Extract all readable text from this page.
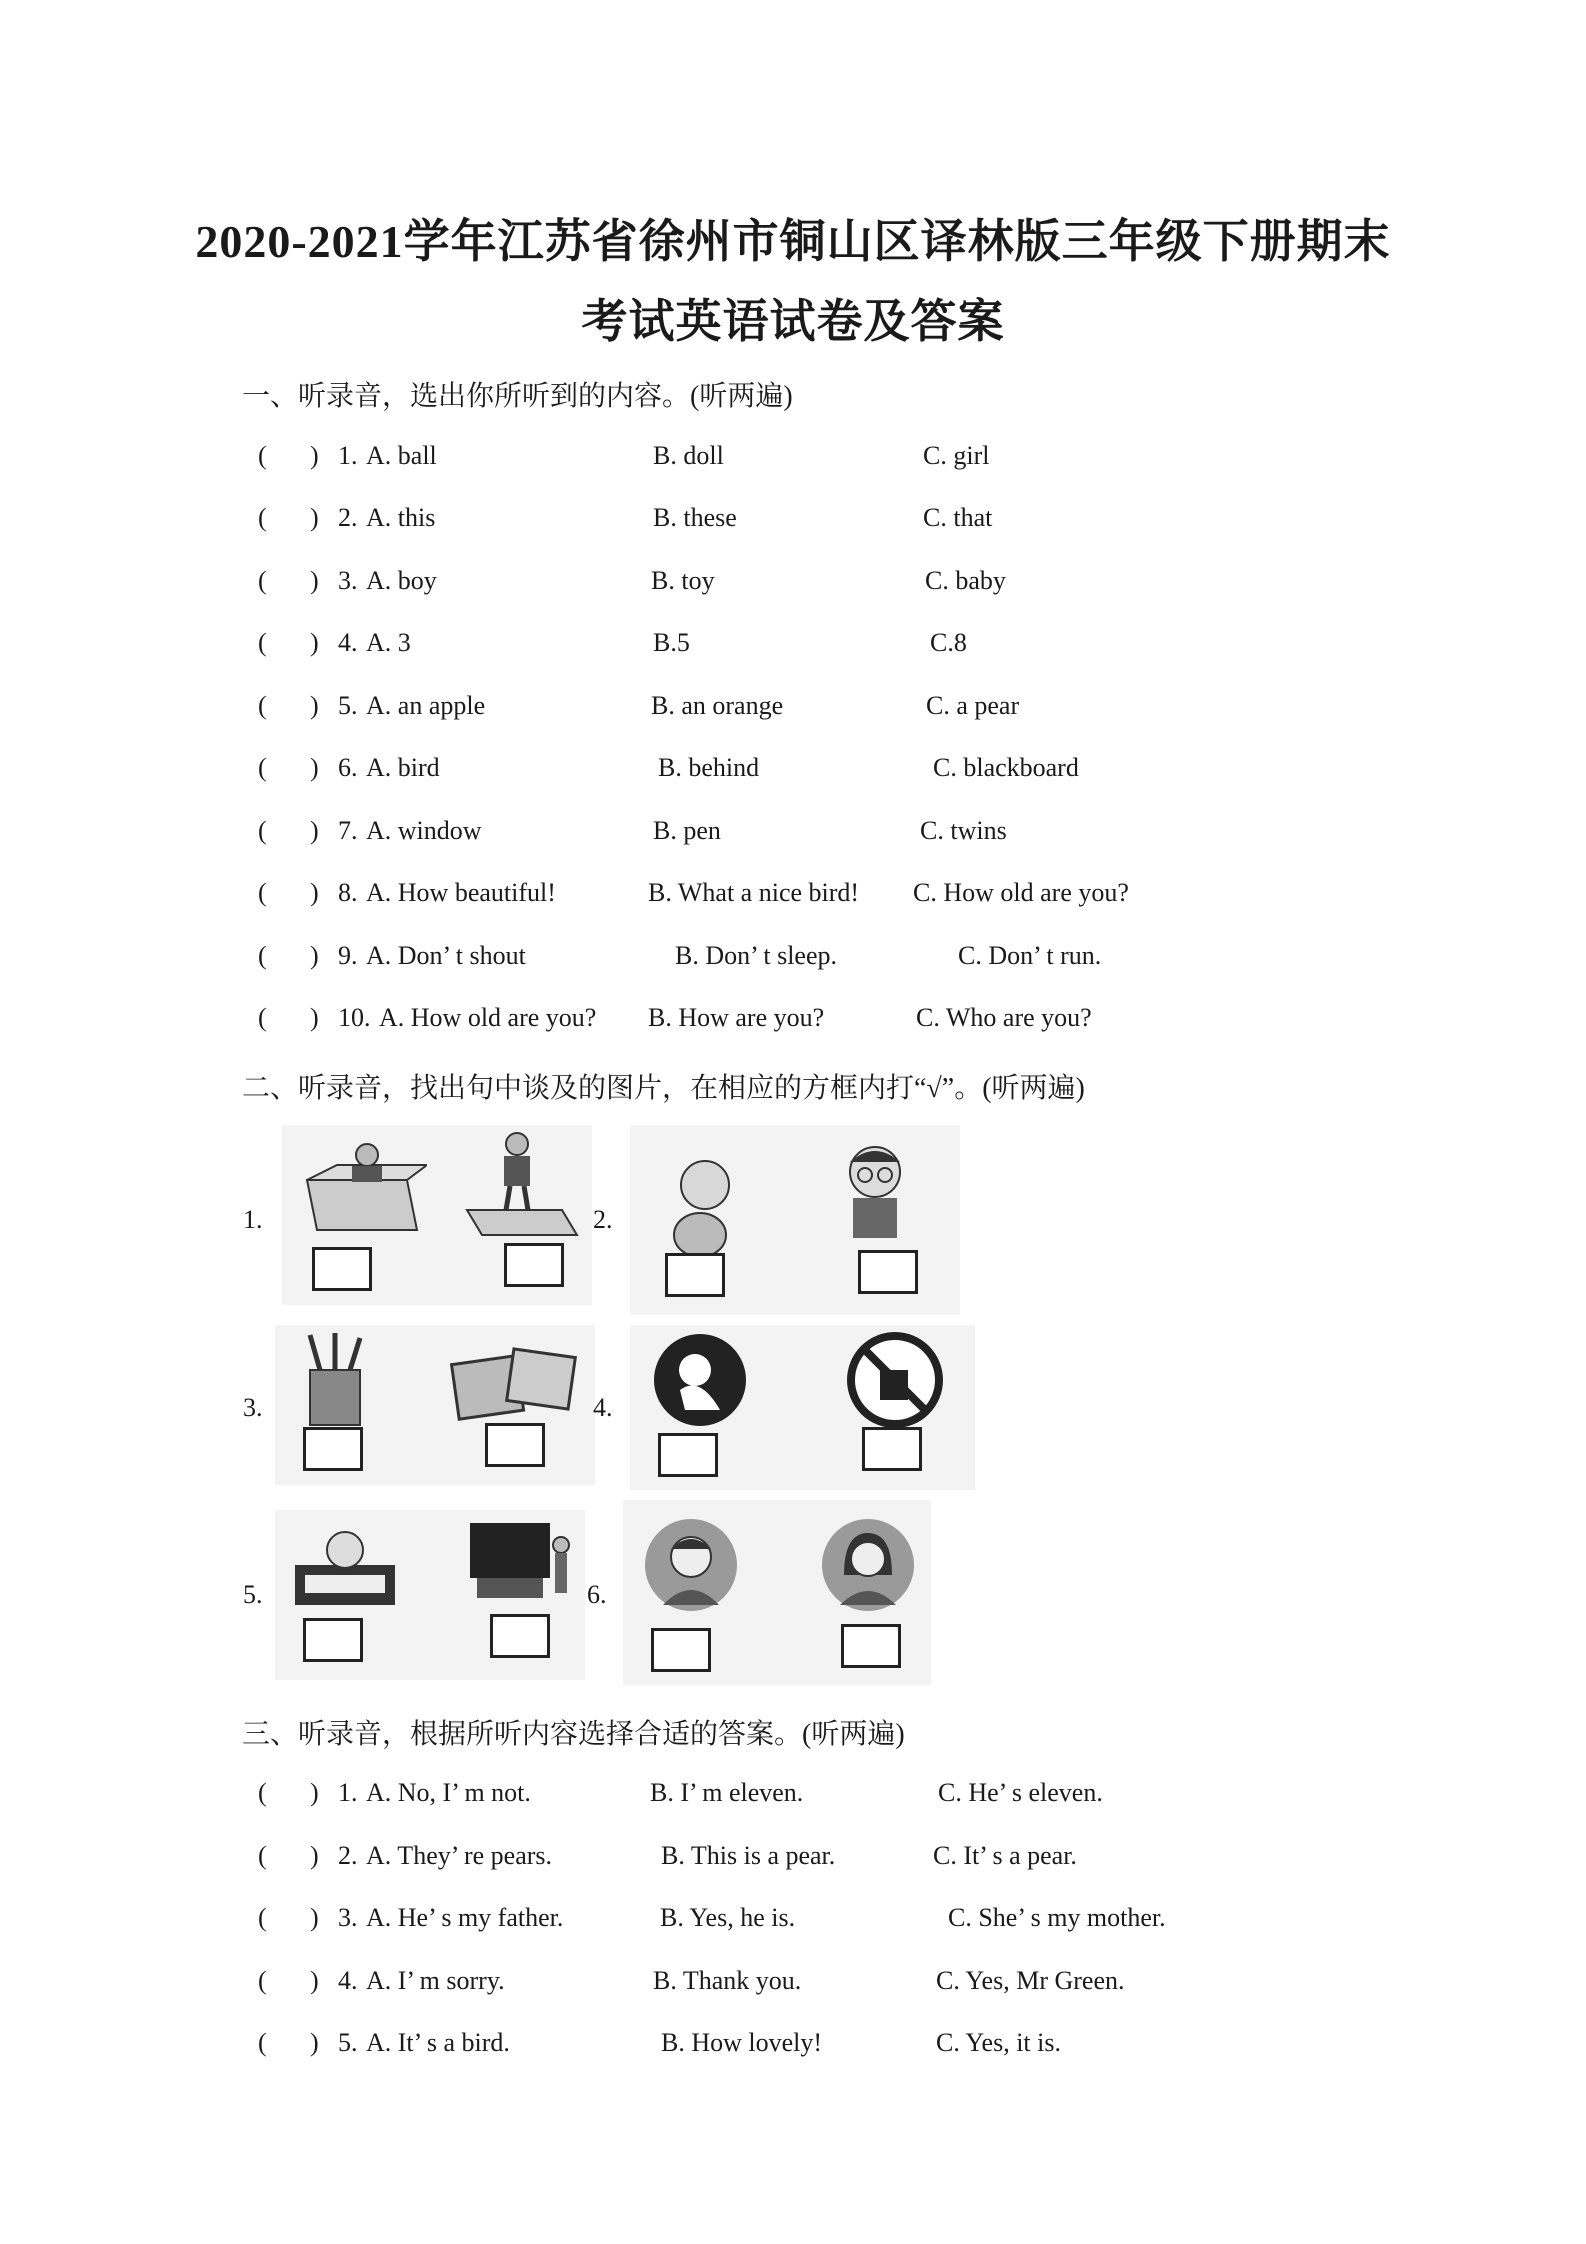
2020-2021学年江苏省徐州市铜山区译林版三年级下册期末
考试英语试卷及答案
一、听录音，选出你所听到的内容。(听两遍)
( ) 1. A. ball	B. doll	C. girl
( ) 2. A. this	B. these	C. that
( ) 3. A. boy	B. toy	C. baby
( ) 4. A. 3	B.5	C.8
( ) 5. A. an apple	B. an orange	C. a pear
( ) 6. A. bird	B. behind	C. blackboard
( ) 7. A. window	B. pen	C. twins
( ) 8. A. How beautiful!	B. What a nice bird! C. How old are you?
( ) 9. A. Don’ t shout	B. Don’ t sleep.	C. Don’ t run.
( ) 10. A. How old are you? B. How are you?	C. Who are you?
二、听录音，找出句中谈及的图片，在相应的方框内打“√”。(听两遍)
1.	2.
3.	4.
5.	6.
三、听录音，根据所听内容选择合适的答案。(听两遍)
( ) 1. A. No, I’ m not.	B. I’ m eleven.	C. He’ s eleven.
( ) 2. A. They’ re pears.	B. This is a pear.	C. It’ s a pear.
( ) 3. A. He’ s my father.	B. Yes, he is.	C. She’ s my mother.
( ) 4. A. I’ m sorry.	B. Thank you.	C. Yes, Mr Green.
( ) 5. A. It’ s a bird.	B. How lovely!	C. Yes, it is.
